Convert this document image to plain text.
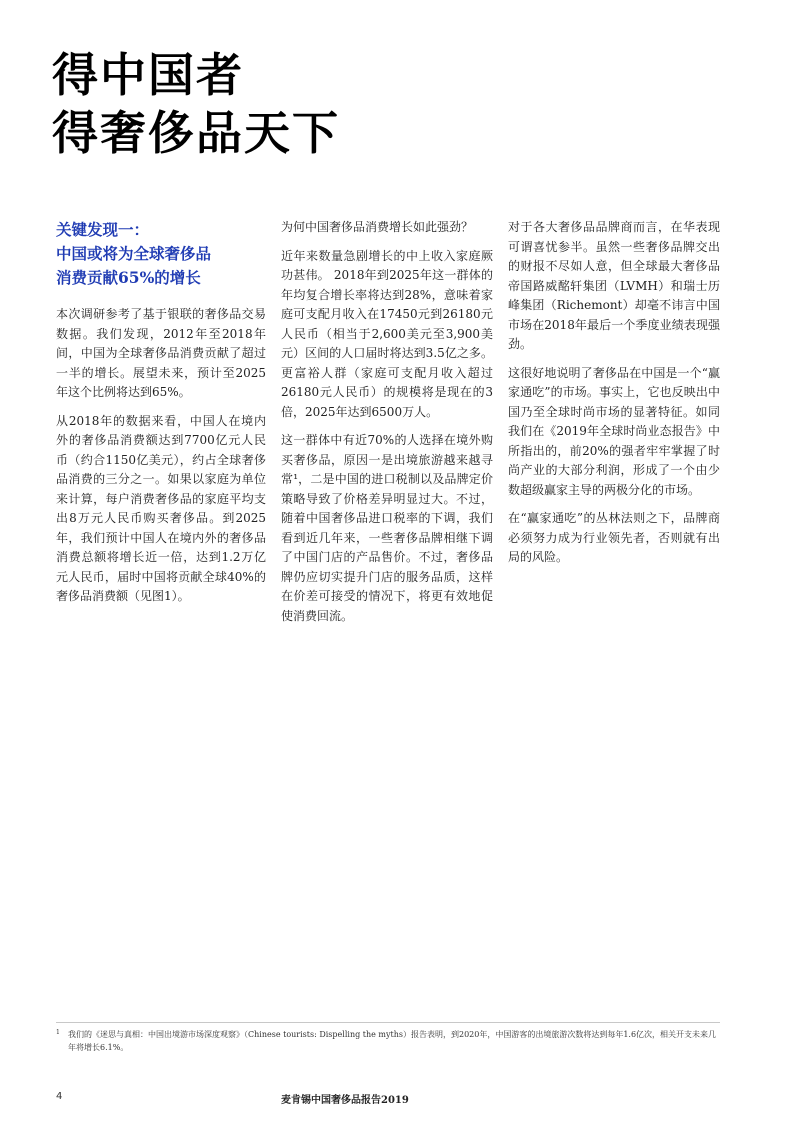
得中国者
得奢侈品天下
关键发现一：
中国或将为全球奢侈品
消费贡献65%的增长

本次调研参考了基于银联的奢侈品交易数据。我们发现，2012年至2018年间，中国为全球奢侈品消费贡献了超过一半的增长。展望未来，预计至2025年这个比例将达到65%。

从2018年的数据来看，中国人在境内外的奢侈品消费额达到7700亿元人民币（约合1150亿美元），约占全球奢侈品消费的三分之一。如果以家庭为单位来计算，每户消费奢侈品的家庭平均支出8万元人民币购买奢侈品。到2025年，我们预计中国人在境内外的奢侈品消费总额将增长近一倍，达到1.2万亿元人民币，届时中国将贡献全球40%的奢侈品消费额（见图1）。

为何中国奢侈品消费增长如此强劲？

近年来数量急剧增长的中上收入家庭厥功甚伟。 2018年到2025年这一群体的年均复合增长率将达到28%，意味着家庭可支配月收入在17450元到26180元人民币（相当于2,600美元至3,900美元）区间的人口届时将达到3.5亿之多。更富裕人群（家庭可支配月收入超过26180元人民币）的规模将是现在的3倍，2025年达到6500万人。

这一群体中有近70%的人选择在境外购买奢侈品，原因一是出境旅游越来越寻常¹，二是中国的进口税制以及品牌定价策略导致了价格差异明显过大。不过，随着中国奢侈品进口税率的下调，我们看到近几年来，一些奢侈品牌相继下调了中国门店的产品售价。不过，奢侈品牌仍应切实提升门店的服务品质，这样在价差可接受的情况下，将更有效地促使消费回流。

对于各大奢侈品品牌商而言，在华表现可谓喜忧参半。虽然一些奢侈品牌交出的财报不尽如人意，但全球最大奢侈品帝国路威酩轩集团（LVMH）和瑞士历峰集团（Richemont）却毫不讳言中国市场在2018年最后一个季度业绩表现强劲。

这很好地说明了奢侈品在中国是一个“赢家通吃”的市场。事实上，它也反映出中国乃至全球时尚市场的显著特征。如同我们在《2019年全球时尚业态报告》中所指出的，前20%的强者牢牢掌握了时尚产业的大部分利润，形成了一个由少数超级赢家主导的两极分化的市场。

在“赢家通吃”的丛林法则之下，品牌商必须努力成为行业领先者，否则就有出局的风险。

1	我们的《迷思与真相：中国出境游市场深度观察》（Chinese tourists: Dispelling the myths）报告表明，到2020年，中国游客的出境旅游次数将达到每年1.6亿次，相关开支未来几年将增长6.1%。
4	麦肯锡中国奢侈品报告2019
